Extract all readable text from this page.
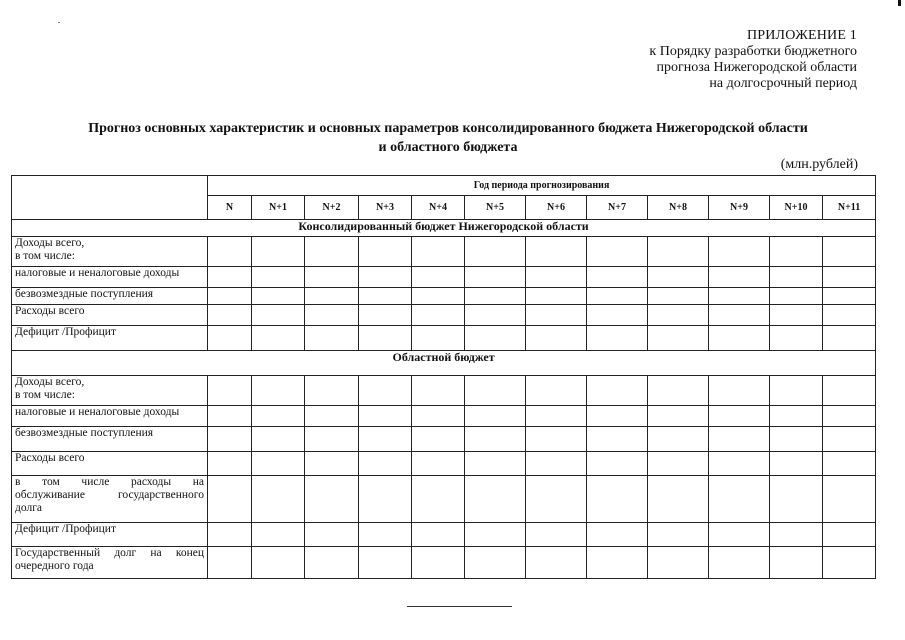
ПРИЛОЖЕНИЕ 1
к Порядку разработки бюджетного
прогноза Нижегородской области
на долгосрочный период
Прогноз основных характеристик и основных параметров консолидированного бюджета Нижегородской области
и областного бюджета
(млн.рублей)
	Год периода прогнозирования											
	N	N+1	N+2	N+3	N+4	N+5	N+6	N+7	N+8	N+9	N+10	N+11
Консолидированный бюджет Нижегородской области												

Доходы всего,
в том числе:												

налоговые и неналоговые доходы												

безвозмездные поступления												

Расходы всего												

Дефицит /Профицит												

Областной бюджет												

Доходы всего,
в том числе:												

налоговые и неналоговые доходы												

безвозмездные поступления												

Расходы всего												

в том числе расходы на
обслуживание государственного
долга												

Дефицит /Профицит												

Государственный долг на конец
очередного года												
